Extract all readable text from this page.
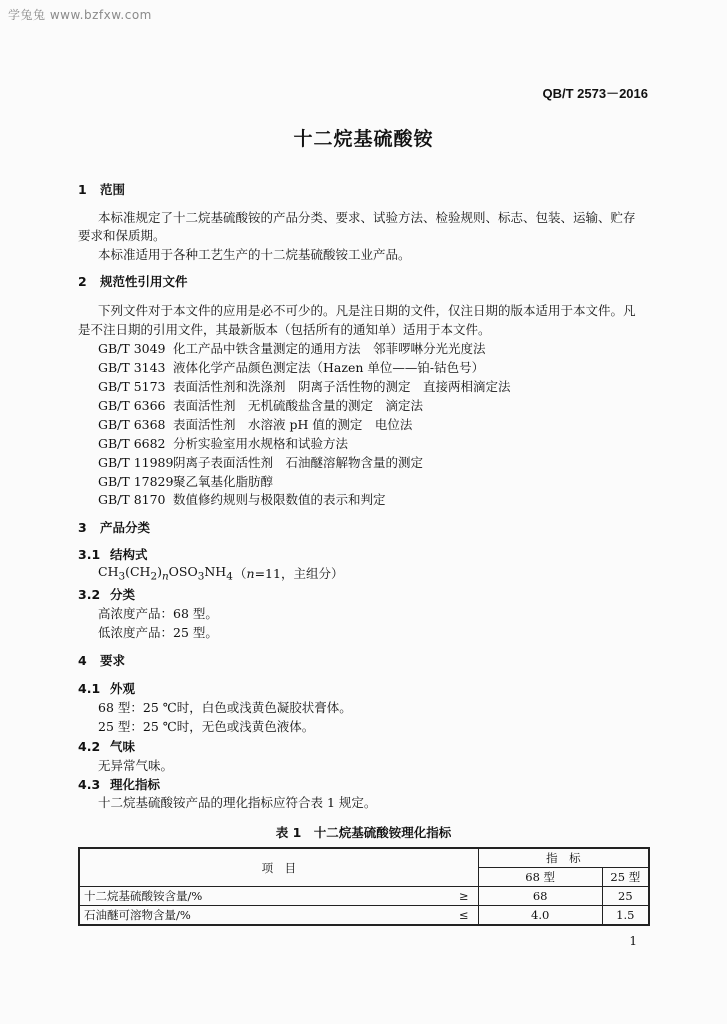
学兔兔 www.bzfxw.com
QB/T 2573－2016
十二烷基硫酸铵
1 范围
本标准规定了十二烷基硫酸铵的产品分类、要求、试验方法、检验规则、标志、包装、运输、贮存
要求和保质期。
本标准适用于各种工艺生产的十二烷基硫酸铵工业产品。
2 规范性引用文件
下列文件对于本文件的应用是必不可少的。凡是注日期的文件，仅注日期的版本适用于本文件。凡
是不注日期的引用文件，其最新版本（包括所有的通知单）适用于本文件。
GB/T 3049 化工产品中铁含量测定的通用方法　邻菲啰啉分光光度法
GB/T 3143 液体化学产品颜色测定法（Hazen 单位——铂-钴色号）
GB/T 5173 表面活性剂和洗涤剂　阴离子活性物的测定　直接两相滴定法
GB/T 6366 表面活性剂　无机硫酸盐含量的测定　滴定法
GB/T 6368 表面活性剂　水溶液 pH 值的测定　电位法
GB/T 6682 分析实验室用水规格和试验方法
GB/T 11989阴离子表面活性剂　石油醚溶解物含量的测定
GB/T 17829聚乙氧基化脂肪醇
GB/T 8170 数值修约规则与极限数值的表示和判定
3 产品分类
3.1 结构式
$CH_3(CH_2)_nOSO_3NH_4$ （n=11，主组分）
3.2 分类
高浓度产品：68 型。
低浓度产品：25 型。
4 要求
4.1 外观
68 型：25 ℃时，白色或浅黄色凝胶状膏体。
25 型：25 ℃时，无色或浅黄色液体。
4.2 气味
无异常气味。
4.3 理化指标
十二烷基硫酸铵产品的理化指标应符合表 1 规定。
表 1　十二烷基硫酸铵理化指标
项　目		指　标	
		68 型	25 型
十二烷基硫酸铵含量/%	≥	68	25
石油醚可溶物含量/%	≤	4.0	1.5
1
